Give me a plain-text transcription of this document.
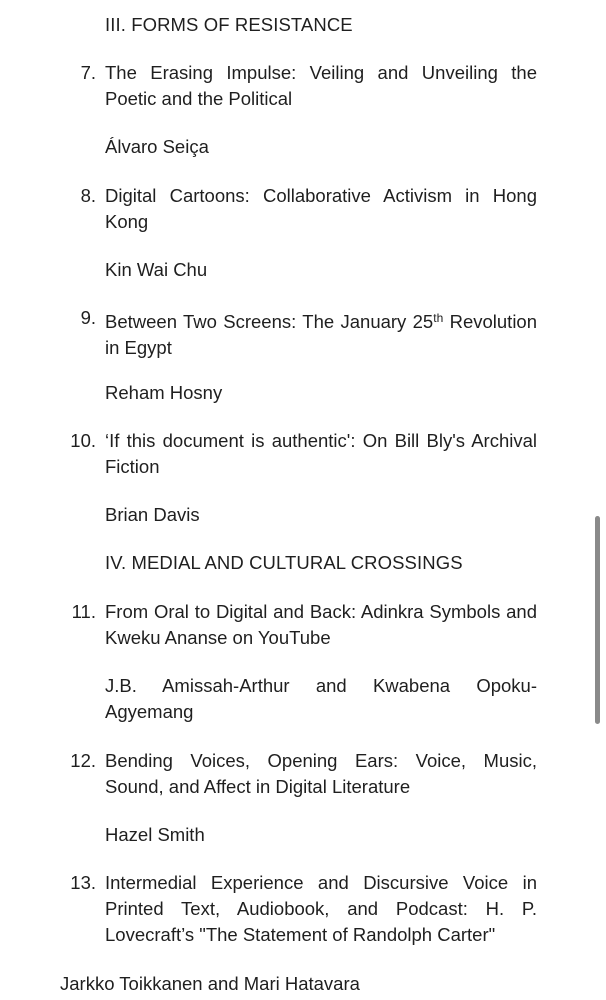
III. FORMS OF RESISTANCE
7. The Erasing Impulse: Veiling and Unveiling the Poetic and the Political
Álvaro Seiça
8. Digital Cartoons: Collaborative Activism in Hong Kong
Kin Wai Chu
9. Between Two Screens: The January 25th Revolution in Egypt
Reham Hosny
10. ‘If this document is authentic': On Bill Bly's Archival Fiction
Brian Davis
IV. MEDIAL AND CULTURAL CROSSINGS
11. From Oral to Digital and Back: Adinkra Symbols and Kweku Ananse on YouTube
J.B. Amissah-Arthur and Kwabena Opoku-Agyemang
12. Bending Voices, Opening Ears: Voice, Music, Sound, and Affect in Digital Literature
Hazel Smith
13. Intermedial Experience and Discursive Voice in Printed Text, Audiobook, and Podcast: H. P. Lovecraft’s "The Statement of Randolph Carter"
Jarkko Toikkanen and Mari Hatavara
